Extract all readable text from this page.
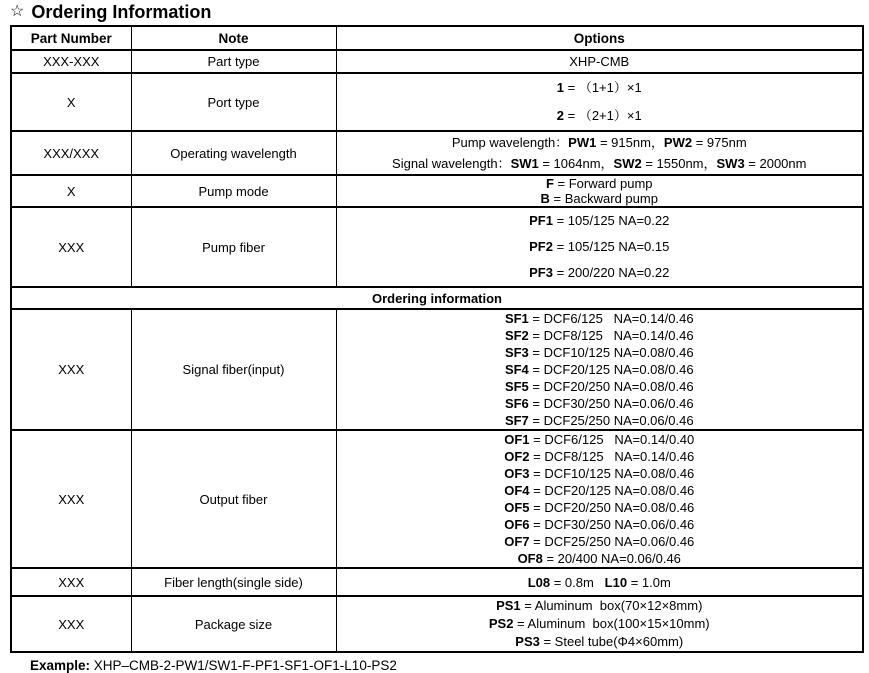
☆ Ordering Information
Part Number	Note	Options
XXX-XXX	Part type	XHP-CMB

X	Port type	1 = （1+1）×1
2 = （2+1）×1

XXX/XXX	Operating wavelength	Pump wavelength：PW1 = 915nm，PW2 = 975nm
Signal wavelength：SW1 = 1064nm，SW2 = 1550nm，SW3 = 2000nm

X	Pump mode	F = Forward pump
B = Backward pump

XXX	Pump fiber	PF1 = 105/125 NA=0.22
PF2 = 105/125 NA=0.15
PF3 = 200/220 NA=0.22

Ordering information		
XXX	Signal fiber(input)	
SF1 = DCF6/125   NA=0.14/0.46
SF2 = DCF8/125   NA=0.14/0.46
SF3 = DCF10/125 NA=0.08/0.46
SF4 = DCF20/125 NA=0.08/0.46
SF5 = DCF20/250 NA=0.08/0.46
SF6 = DCF30/250 NA=0.06/0.46
SF7 = DCF25/250 NA=0.06/0.46

XXX	Output fiber	
OF1 = DCF6/125   NA=0.14/0.40
OF2 = DCF8/125   NA=0.14/0.46
OF3 = DCF10/125 NA=0.08/0.46
OF4 = DCF20/125 NA=0.08/0.46
OF5 = DCF20/250 NA=0.08/0.46
OF6 = DCF30/250 NA=0.06/0.46
OF7 = DCF25/250 NA=0.06/0.46
OF8 = 20/400 NA=0.06/0.46

XXX	Fiber length(single side)	L08 = 0.8m   L10 = 1.0m

XXX	Package size	PS1 = Aluminum  box(70×12×8mm)
PS2 = Aluminum  box(100×15×10mm)
PS3 = Steel tube(Φ4×60mm)
Example: XHP–CMB-2-PW1/SW1-F-PF1-SF1-OF1-L10-PS2
